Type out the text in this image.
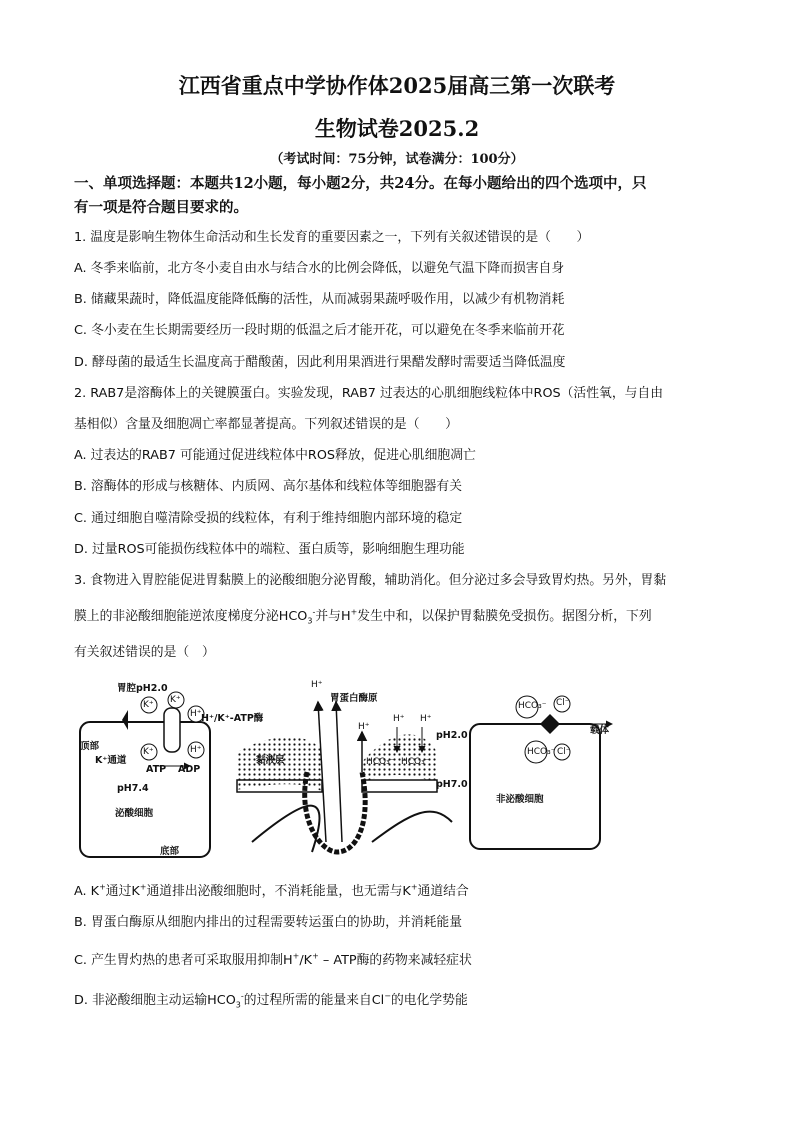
江西省重点中学协作体2025届高三第一次联考
生物试卷2025.2
（考试时间：75分钟，试卷满分：100分）
一、单项选择题：本题共12小题，每小题2分，共24分。在每小题给出的四个选项中，只
有一项是符合题目要求的。
1. 温度是影响生物体生命活动和生长发育的重要因素之一，下列有关叙述错误的是（　　）
A. 冬季来临前，北方冬小麦自由水与结合水的比例会降低，以避免气温下降而损害自身
B. 储藏果蔬时，降低温度能降低酶的活性，从而减弱果蔬呼吸作用，以减少有机物消耗
C. 冬小麦在生长期需要经历一段时期的低温之后才能开花，可以避免在冬季来临前开花
D. 酵母菌的最适生长温度高于醋酸菌，因此利用果酒进行果醋发酵时需要适当降低温度
2. RAB7是溶酶体上的关键膜蛋白。实验发现，RAB7 过表达的心肌细胞线粒体中ROS（活性氧，与自由
基相似）含量及细胞凋亡率都显著提高。下列叙述错误的是（　　）
A. 过表达的RAB7 可能通过促进线粒体中ROS释放，促进心肌细胞凋亡
B. 溶酶体的形成与核糖体、内质网、高尔基体和线粒体等细胞器有关
C. 通过细胞自噬清除受损的线粒体，有利于维持细胞内部环境的稳定
D. 过量ROS可能损伤线粒体中的端粒、蛋白质等，影响细胞生理功能
3. 食物进入胃腔能促进胃黏膜上的泌酸细胞分泌胃酸，辅助消化。但分泌过多会导致胃灼热。另外，胃黏
膜上的非泌酸细胞能逆浓度梯度分泌$HCO_3^-$并与H+发生中和，以保护胃黏膜免受损伤。据图分析，下列
有关叙述错误的是（　）
胃腔pH2.0
H⁺/K⁺-ATP酶
顶部
K⁺通道
K⁺ K⁺
H⁺
K⁺	H⁺
ATP ADP
pH7.4
泌酸细胞
底部
H⁺
胃蛋白酶原
H⁺
黏液层
H⁺ H⁺
HCO₃⁻ HCO₃⁻
pH2.0
pH7.0
HCO₃⁻ Cl⁻
载体
HCO₃⁻ Cl⁻
非泌酸细胞
A. K+通过K+通道排出泌酸细胞时，不消耗能量，也无需与K+通道结合
B. 胃蛋白酶原从细胞内排出的过程需要转运蛋白的协助，并消耗能量
C. 产生胃灼热的患者可采取服用抑制H+/K+ – ATP酶的药物来减轻症状
D. 非泌酸细胞主动运输$HCO_3^-$的过程所需的能量来自Cl−的电化学势能
